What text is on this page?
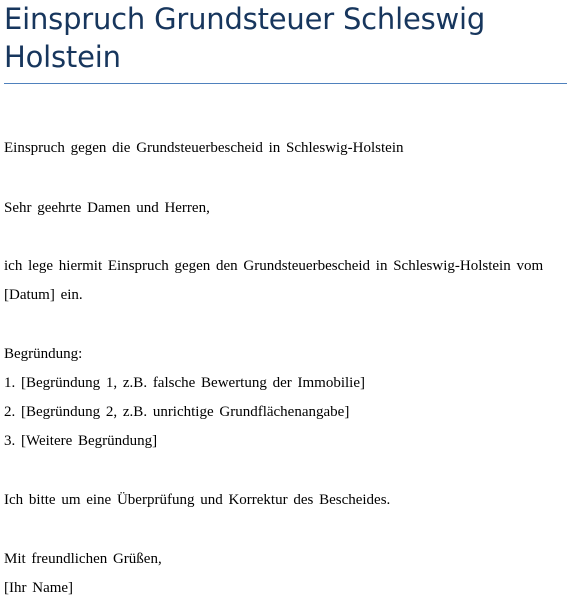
Einspruch Grundsteuer Schleswig Holstein

Einspruch gegen die Grundsteuerbescheid in Schleswig-Holstein

Sehr geehrte Damen und Herren,

ich lege hiermit Einspruch gegen den Grundsteuerbescheid in Schleswig-Holstein vom

[Datum] ein.

Begründung:

1. [Begründung 1, z.B. falsche Bewertung der Immobilie]

2. [Begründung 2, z.B. unrichtige Grundflächenangabe]

3. [Weitere Begründung]

Ich bitte um eine Überprüfung und Korrektur des Bescheides.

Mit freundlichen Grüßen,

[Ihr Name]
